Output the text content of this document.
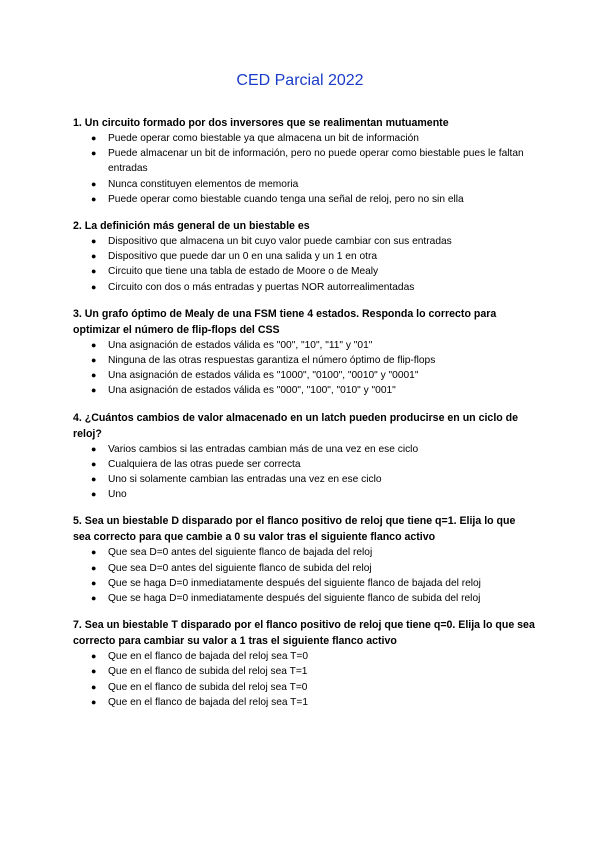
CED Parcial 2022

1. Un circuito formado por dos inversores que se realimentan mutuamente

● Puede operar como biestable ya que almacena un bit de información
● Puede almacenar un bit de información, pero no puede operar como biestable pues le faltan entradas
● Nunca constituyen elementos de memoria
● Puede operar como biestable cuando tenga una señal de reloj, pero no sin ella

2. La definición más general de un biestable es

● Dispositivo que almacena un bit cuyo valor puede cambiar con sus entradas
● Dispositivo que puede dar un 0 en una salida y un 1 en otra
● Circuito que tiene una tabla de estado de Moore o de Mealy
● Circuito con dos o más entradas y puertas NOR autorrealimentadas

3. Un grafo óptimo de Mealy de una FSM tiene 4 estados. Responda lo correcto para optimizar el número de flip-flops del CSS

● Una asignación de estados válida es "00", "10", "11" y "01"
● Ninguna de las otras respuestas garantiza el número óptimo de flip-flops
● Una asignación de estados válida es "1000", "0100", "0010" y "0001"
● Una asignación de estados válida es "000", "100", "010" y "001"

4. ¿Cuántos cambios de valor almacenado en un latch pueden producirse en un ciclo de reloj?

● Varios cambios si las entradas cambian más de una vez en ese ciclo
● Cualquiera de las otras puede ser correcta
● Uno si solamente cambian las entradas una vez en ese ciclo
● Uno

5. Sea un biestable D disparado por el flanco positivo de reloj que tiene q=1. Elija lo que sea correcto para que cambie a 0 su valor tras el siguiente flanco activo

● Que sea D=0 antes del siguiente flanco de bajada del reloj
● Que sea D=0 antes del siguiente flanco de subida del reloj
● Que se haga D=0 inmediatamente después del siguiente flanco de bajada del reloj
● Que se haga D=0 inmediatamente después del siguiente flanco de subida del reloj

7. Sea un biestable T disparado por el flanco positivo de reloj que tiene q=0. Elija lo que sea correcto para cambiar su valor a 1 tras el siguiente flanco activo

● Que en el flanco de bajada del reloj sea T=0
● Que en el flanco de subida del reloj sea T=1
● Que en el flanco de subida del reloj sea T=0
● Que en el flanco de bajada del reloj sea T=1
